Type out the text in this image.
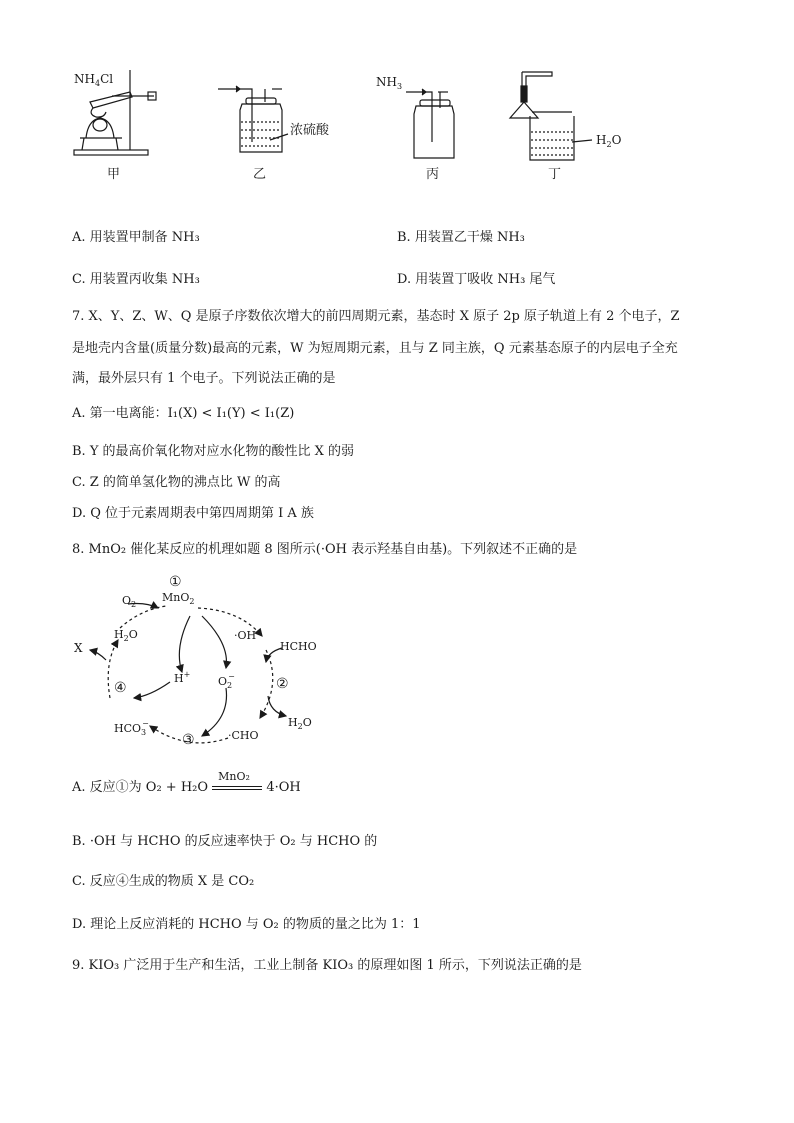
$NH_4Cl$
甲
浓硫酸
乙
$NH_3$
丙
$H_2O$
丁
A. 用装置甲制备 NH₃	B. 用装置乙干燥 NH₃
C. 用装置丙收集 NH₃	D. 用装置丁吸收 NH₃ 尾气
7. X、Y、Z、W、Q 是原子序数依次增大的前四周期元素，基态时 X 原子 2p 原子轨道上有 2 个电子，Z
是地壳内含量(质量分数)最高的元素，W 为短周期元素，且与 Z 同主族，Q 元素基态原子的内层电子全充
满，最外层只有 1 个电子。下列说法正确的是
A. 第一电离能：I₁(X) < I₁(Y) < I₁(Z)
B. Y 的最高价氧化物对应水化物的酸性比 X 的弱
C. Z 的简单氢化物的沸点比 W 的高
D. Q 位于元素周期表中第四周期第 Ⅰ A 族
8. MnO₂ 催化某反应的机理如题 8 图所示(·OH 表示羟基自由基)。下列叙述不正确的是
①
MnO$_2$
$O_2$
$H_2O$
X
·OH
HCHO
H+
$O_2-$	②
④
$H_2O$
$HCO_3-$
③	·CHO
A. 反应①为 O₂ + H₂O
MnO₂
4·OH
B. ·OH 与 HCHO 的反应速率快于 O₂ 与 HCHO 的
C. 反应④生成的物质 X 是 CO₂
D. 理论上反应消耗的 HCHO 与 O₂ 的物质的量之比为 1：1
9. KIO₃ 广泛用于生产和生活，工业上制备 KIO₃ 的原理如图 1 所示，下列说法正确的是
